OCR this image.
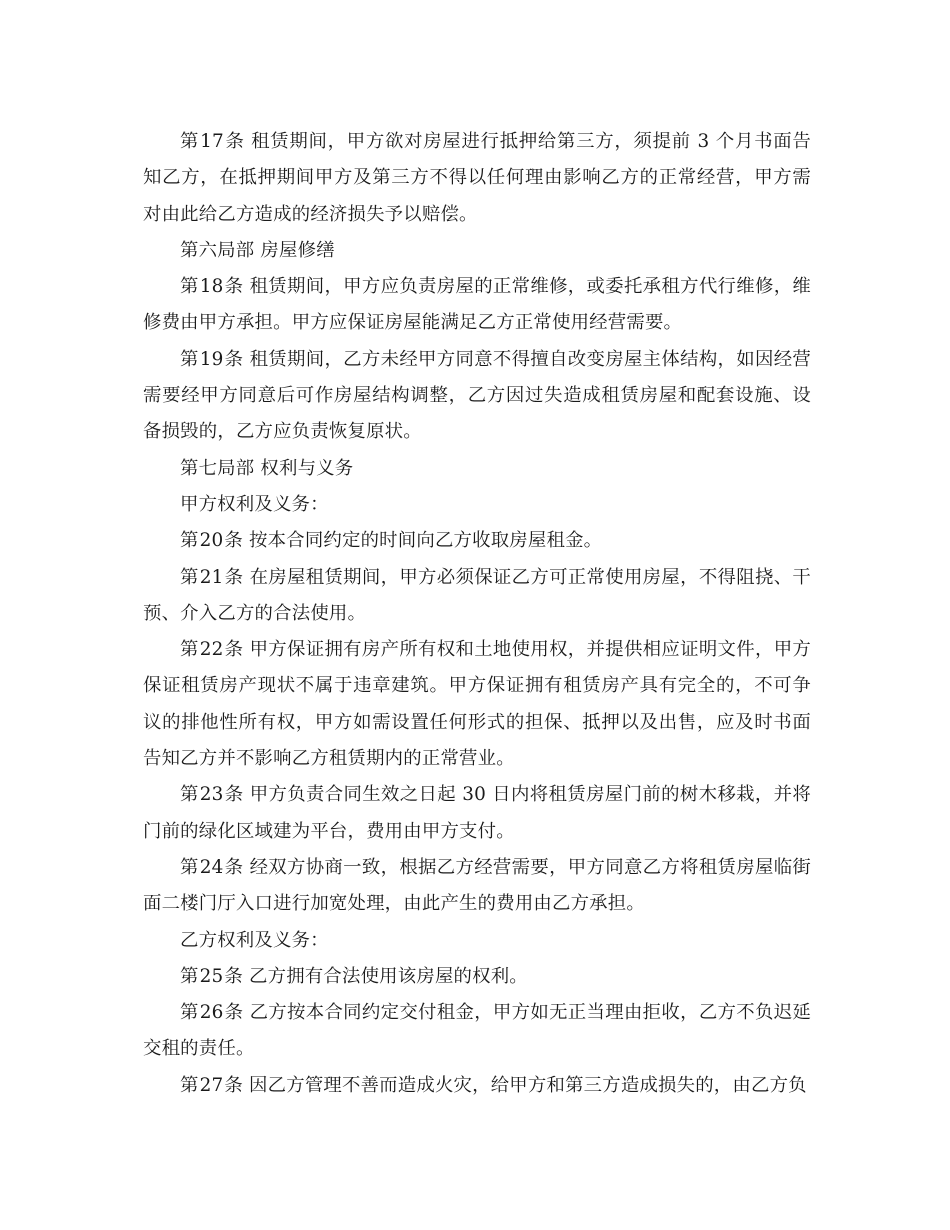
第17条 租赁期间，甲方欲对房屋进行抵押给第三方，须提前 3 个月书面告知乙方，在抵押期间甲方及第三方不得以任何理由影响乙方的正常经营，甲方需对由此给乙方造成的经济损失予以赔偿。

第六局部 房屋修缮

第18条 租赁期间，甲方应负责房屋的正常维修，或委托承租方代行维修，维修费由甲方承担。甲方应保证房屋能满足乙方正常使用经营需要。

第19条 租赁期间，乙方未经甲方同意不得擅自改变房屋主体结构，如因经营需要经甲方同意后可作房屋结构调整，乙方因过失造成租赁房屋和配套设施、设备损毁的，乙方应负责恢复原状。

第七局部 权利与义务

甲方权利及义务：

第20条 按本合同约定的时间向乙方收取房屋租金。

第21条 在房屋租赁期间，甲方必须保证乙方可正常使用房屋，不得阻挠、干预、介入乙方的合法使用。

第22条 甲方保证拥有房产所有权和土地使用权，并提供相应证明文件，甲方保证租赁房产现状不属于违章建筑。甲方保证拥有租赁房产具有完全的，不可争议的排他性所有权，甲方如需设置任何形式的担保、抵押以及出售，应及时书面告知乙方并不影响乙方租赁期内的正常营业。

第23条 甲方负责合同生效之日起 30 日内将租赁房屋门前的树木移栽，并将门前的绿化区域建为平台，费用由甲方支付。

第24条 经双方协商一致，根据乙方经营需要，甲方同意乙方将租赁房屋临街面二楼门厅入口进行加宽处理，由此产生的费用由乙方承担。

乙方权利及义务：

第25条 乙方拥有合法使用该房屋的权利。

第26条 乙方按本合同约定交付租金，甲方如无正当理由拒收，乙方不负迟延交租的责任。

第27条 因乙方管理不善而造成火灾，给甲方和第三方造成损失的，由乙方负
